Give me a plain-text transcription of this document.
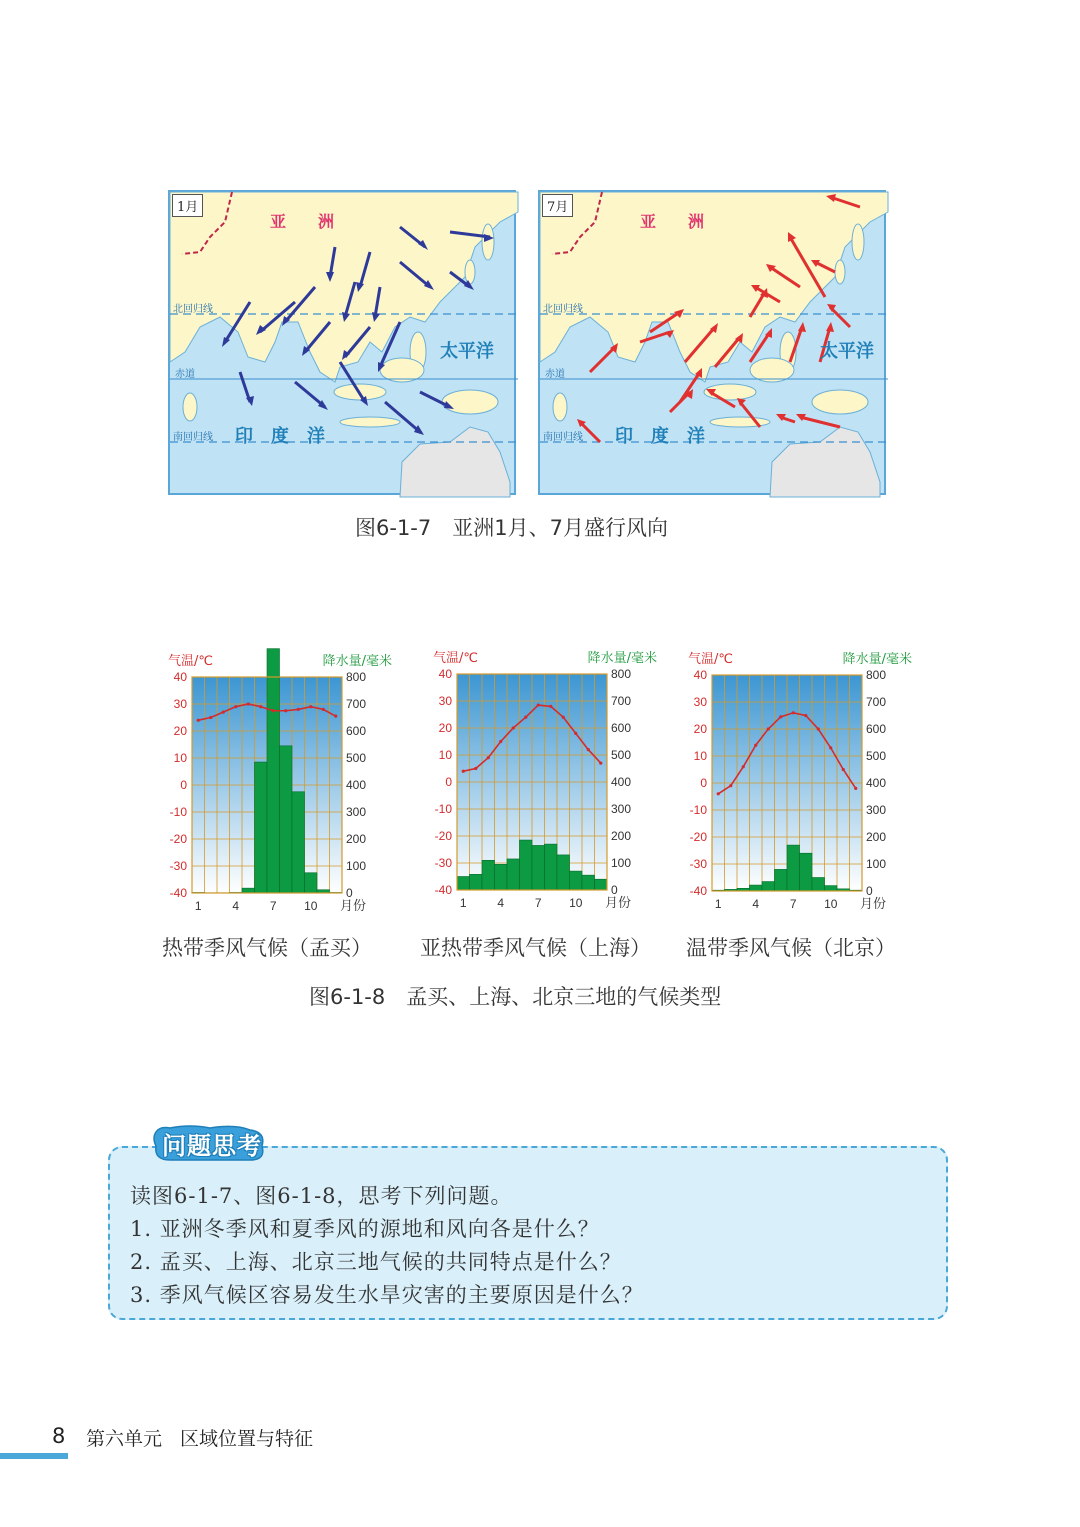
亚　　洲
太平洋
印　度　洋
北回归线
赤道
南回归线
1月
亚　　洲
太平洋
印　度　洋
北回归线
赤道
南回归线
7月
图6-1-7　亚洲1月、7月盛行风向
40
30
20
10
0
-10
-20
-30
-40
800
700
600
500
400
300
200
100
0
1	4	7 10 月份
气温/℃	降水量/毫米
40
30
20
10
0
-10
-20
-30
-40
800
700
600
500
400
300
200
100
0
1	4	7 10 月份
气温/℃	降水量/毫米
40
30
20
10
0
-10
-20
-30
-40
800
700
600
500
400
300
200
100
0
1	4	7 10 月份
气温/℃	降水量/毫米
热带季风气候（孟买） 亚热带季风气候（上海） 温带季风气候（北京）
图6-1-8　孟买、上海、北京三地的气候类型
问题思考
读图6-1-7、图6-1-8，思考下列问题。
1. 亚洲冬季风和夏季风的源地和风向各是什么？
2. 孟买、上海、北京三地气候的共同特点是什么？
3. 季风气候区容易发生水旱灾害的主要原因是什么？
8 第六单元 区域位置与特征
